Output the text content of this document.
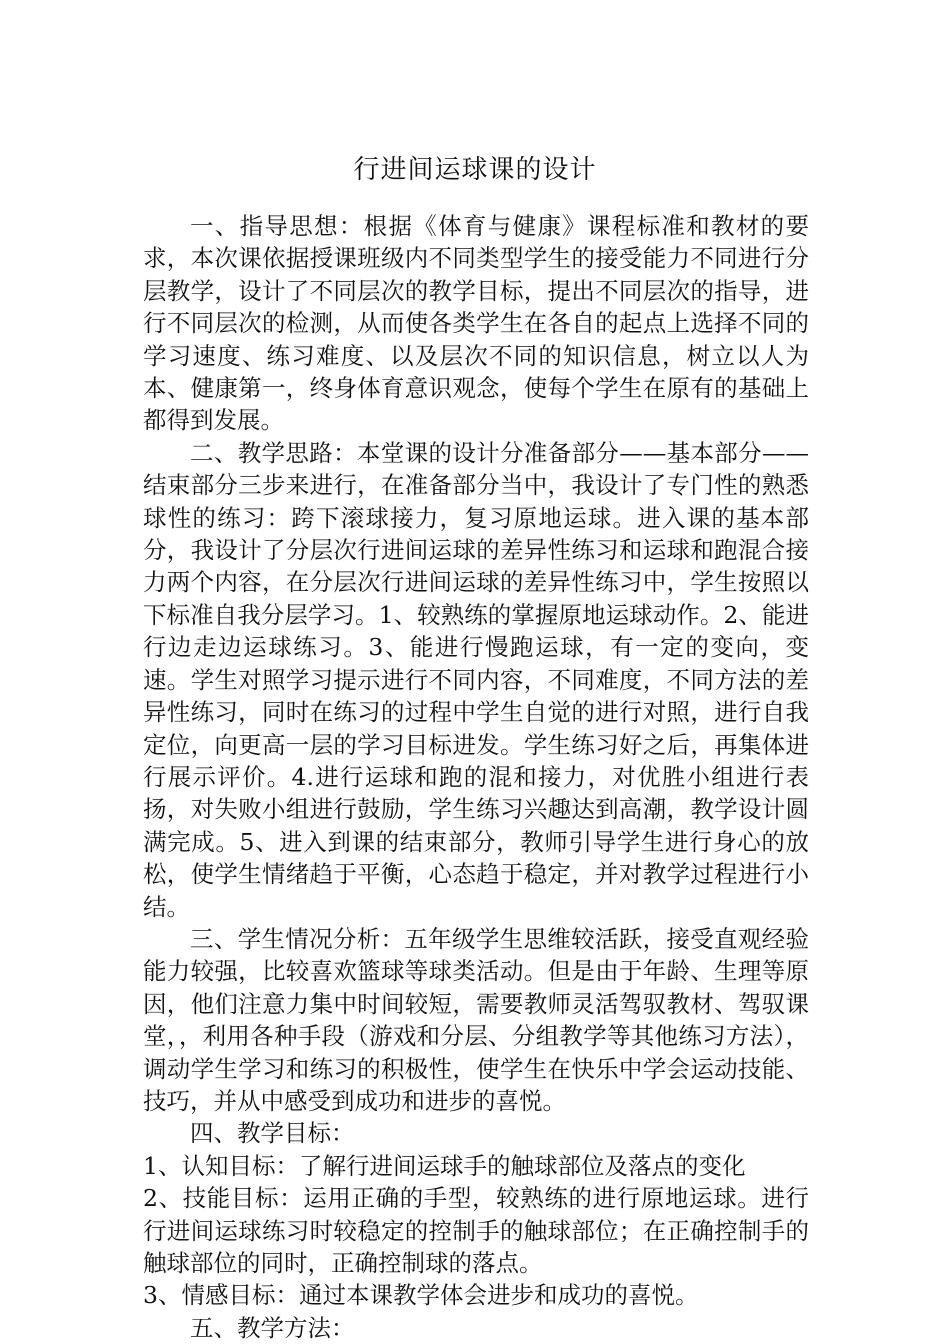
行进间运球课的设计

一、指导思想：根据《体育与健康》课程标准和教材的要求，本次课依据授课班级内不同类型学生的接受能力不同进行分层教学，设计了不同层次的教学目标，提出不同层次的指导，进行不同层次的检测，从而使各类学生在各自的起点上选择不同的学习速度、练习难度、以及层次不同的知识信息，树立以人为本、健康第一，终身体育意识观念，使每个学生在原有的基础上都得到发展。

二、教学思路：本堂课的设计分准备部分——基本部分——结束部分三步来进行，在准备部分当中，我设计了专门性的熟悉球性的练习：跨下滚球接力，复习原地运球。进入课的基本部分，我设计了分层次行进间运球的差异性练习和运球和跑混合接力两个内容，在分层次行进间运球的差异性练习中，学生按照以下标准自我分层学习。1、较熟练的掌握原地运球动作。2、能进行边走边运球练习。3、能进行慢跑运球，有一定的变向，变速。学生对照学习提示进行不同内容，不同难度，不同方法的差异性练习，同时在练习的过程中学生自觉的进行对照，进行自我定位，向更高一层的学习目标进发。学生练习好之后，再集体进行展示评价。4.进行运球和跑的混和接力，对优胜小组进行表扬，对失败小组进行鼓励，学生练习兴趣达到高潮，教学设计圆满完成。5、进入到课的结束部分，教师引导学生进行身心的放松，使学生情绪趋于平衡，心态趋于稳定，并对教学过程进行小结。

三、学生情况分析：五年级学生思维较活跃，接受直观经验能力较强，比较喜欢篮球等球类活动。但是由于年龄、生理等原因，他们注意力集中时间较短，需要教师灵活驾驭教材、驾驭课堂，，利用各种手段（游戏和分层、分组教学等其他练习方法），调动学生学习和练习的积极性，使学生在快乐中学会运动技能、技巧，并从中感受到成功和进步的喜悦。

四、教学目标：

1、认知目标：了解行进间运球手的触球部位及落点的变化

2、技能目标：运用正确的手型，较熟练的进行原地运球。进行行进间运球练习时较稳定的控制手的触球部位；在正确控制手的触球部位的同时，正确控制球的落点。

3、情感目标：通过本课教学体会进步和成功的喜悦。

五、教学方法：
